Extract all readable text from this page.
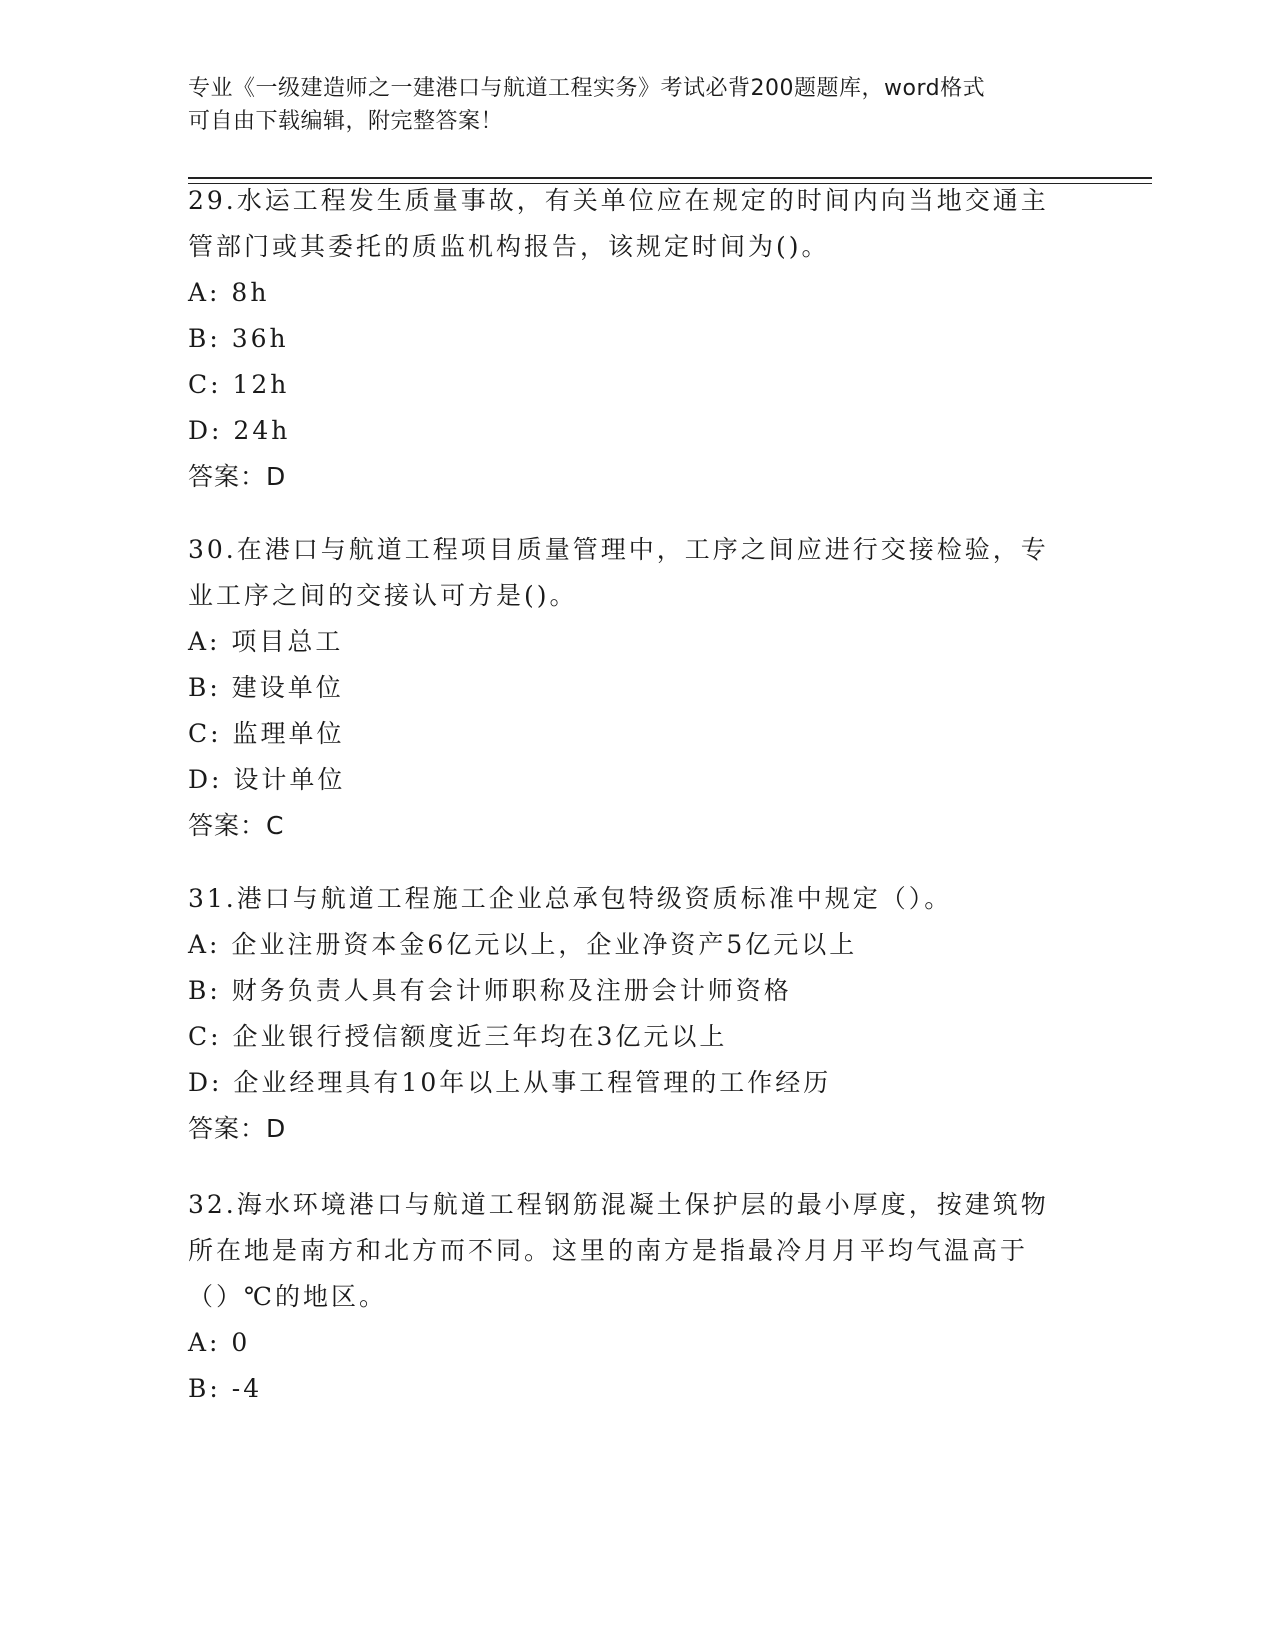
专业《一级建造师之一建港口与航道工程实务》考试必背200题题库，word格式
可自由下载编辑，附完整答案！
29.水运工程发生质量事故，有关单位应在规定的时间内向当地交通主
管部门或其委托的质监机构报告，该规定时间为()。
A: 8h
B: 36h
C: 12h
D: 24h
答案：D
30.在港口与航道工程项目质量管理中，工序之间应进行交接检验，专
业工序之间的交接认可方是()。
A: 项目总工
B: 建设单位
C: 监理单位
D: 设计单位
答案：C
31.港口与航道工程施工企业总承包特级资质标准中规定（）。
A: 企业注册资本金6亿元以上，企业净资产5亿元以上
B: 财务负责人具有会计师职称及注册会计师资格
C: 企业银行授信额度近三年均在3亿元以上
D: 企业经理具有10年以上从事工程管理的工作经历
答案：D
32.海水环境港口与航道工程钢筋混凝土保护层的最小厚度，按建筑物
所在地是南方和北方而不同。这里的南方是指最冷月月平均气温高于
（）℃的地区。
A: 0
B: -4
